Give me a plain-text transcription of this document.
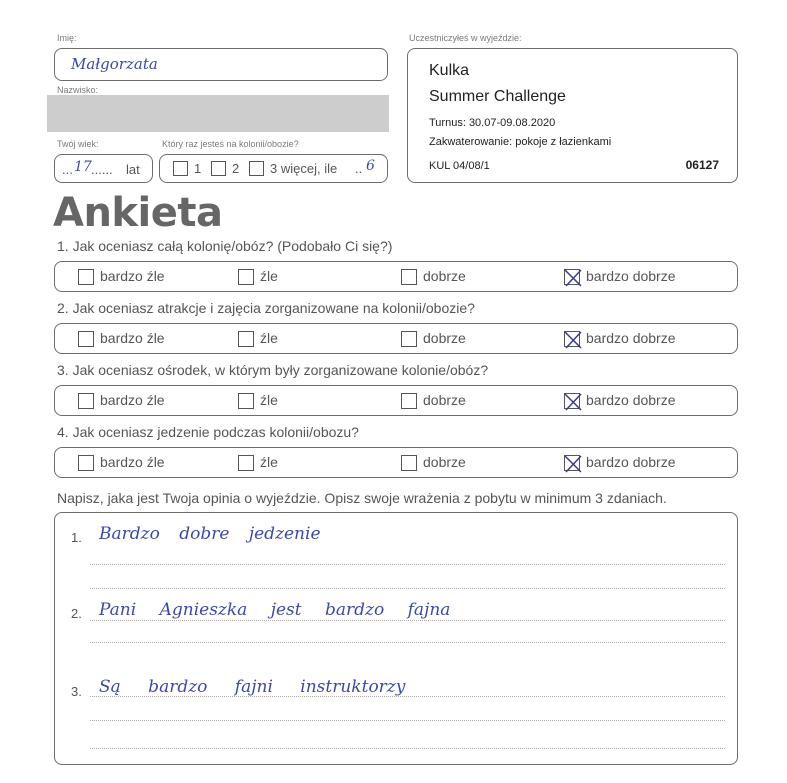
Imię:
Małgorzata
Nazwisko:
Twój wiek:
... 17 ...... lat
Który raz jesteś na kolonii/obozie?
1 2 3 więcej, ile .. 6
Uczestniczyłeś w wyjeździe:
Kulka
Summer Challenge
Turnus: 30.07-09.08.2020
Zakwaterowanie: pokoje z łazienkami
KUL 04/08/1	06127
Ankieta
1. Jak oceniasz całą kolonię/obóz? (Podobało Ci się?)
bardzo źle	źle	dobrze	bardzo dobrze
2. Jak oceniasz atrakcje i zajęcia zorganizowane na kolonii/obozie?
bardzo źle	źle	dobrze	bardzo dobrze
3. Jak oceniasz ośrodek, w którym były zorganizowane kolonie/obóz?
bardzo źle	źle	dobrze	bardzo dobrze
4. Jak oceniasz jedzenie podczas kolonii/obozu?
bardzo źle	źle	dobrze	bardzo dobrze
Napisz, jaka jest Twoja opinia o wyjeździe. Opisz swoje wrażenia z pobytu w minimum 3 zdaniach.
1. Bardzo dobre jedzenie
2. Pani Agnieszka jest bardzo fajna
3. Są bardzo fajni instruktorzy
